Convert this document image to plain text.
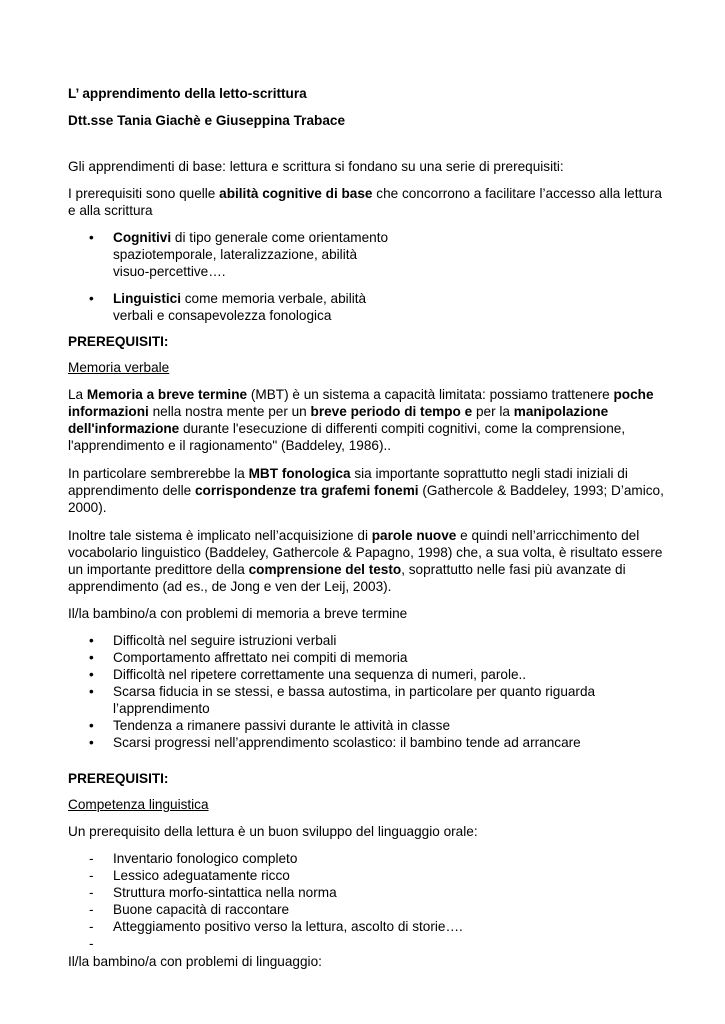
L’ apprendimento della letto-scrittura

Dtt.sse Tania Giachè e Giuseppina Trabace

Gli apprendimenti di base: lettura e scrittura si fondano su una serie di prerequisiti:

I prerequisiti sono quelle abilità cognitive di base che concorrono a facilitare l’accesso alla lettura e alla scrittura

• Cognitivi di tipo generale come orientamento spaziotemporale, lateralizzazione, abilità visuo-percettive….
• Linguistici come memoria verbale, abilità verbali e consapevolezza fonologica

PREREQUISITI:

Memoria verbale

La Memoria a breve termine (MBT) è un sistema a capacità limitata: possiamo trattenere poche informazioni nella nostra mente per un breve periodo di tempo e per la manipolazione dell'informazione durante l'esecuzione di differenti compiti cognitivi, come la comprensione, l'apprendimento e il ragionamento" (Baddeley, 1986)..

In particolare sembrerebbe la MBT fonologica sia importante soprattutto negli stadi iniziali di apprendimento delle corrispondenze tra grafemi fonemi (Gathercole & Baddeley, 1993; D’amico, 2000).

Inoltre tale sistema è implicato nell’acquisizione di parole nuove e quindi nell’arricchimento del vocabolario linguistico (Baddeley, Gathercole & Papagno, 1998) che, a sua volta, è risultato essere un importante predittore della comprensione del testo, soprattutto nelle fasi più avanzate di apprendimento (ad es., de Jong e ven der Leij, 2003).

Il/la bambino/a con problemi di memoria a breve termine

• Difficoltà nel seguire istruzioni verbali
• Comportamento affrettato nei compiti di memoria
• Difficoltà nel ripetere correttamente una sequenza di numeri, parole..
• Scarsa fiducia in se stessi, e bassa autostima, in particolare per quanto riguarda l’apprendimento
• Tendenza a rimanere passivi durante le attività in classe
• Scarsi progressi nell’apprendimento scolastico: il bambino tende ad arrancare

PREREQUISITI:

Competenza linguistica

Un prerequisito della lettura è un buon sviluppo del linguaggio orale:

- Inventario fonologico completo
- Lessico adeguatamente ricco
- Struttura morfo-sintattica nella norma
- Buone capacità di raccontare
- Atteggiamento positivo verso la lettura, ascolto di storie….
-

Il/la bambino/a con problemi di linguaggio:
